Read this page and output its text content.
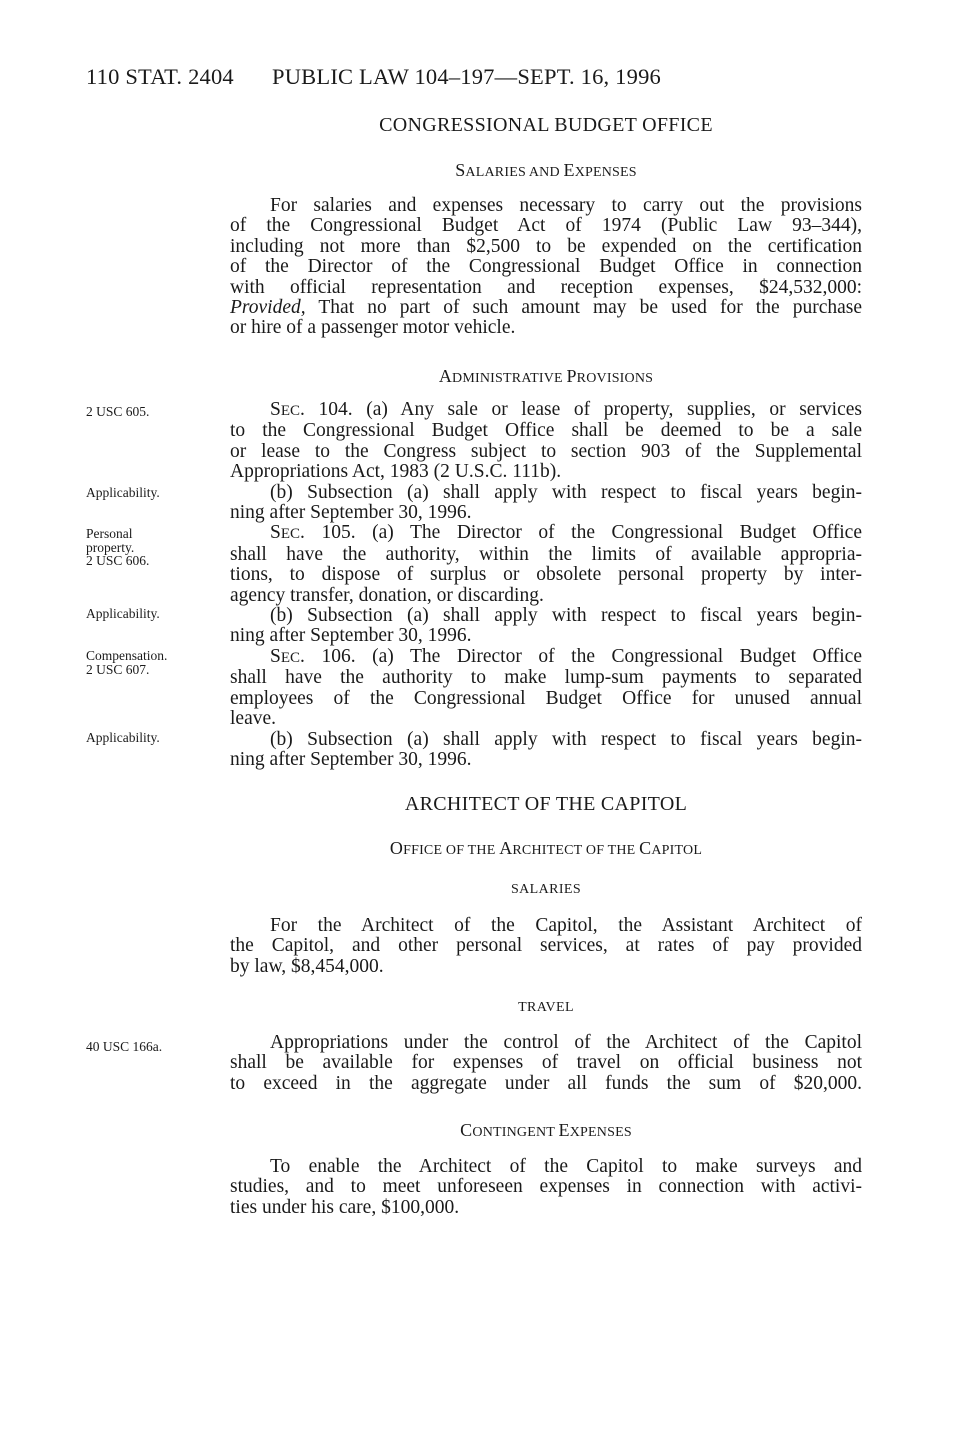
110 STAT. 2404 PUBLIC LAW 104–197—SEPT. 16, 1996
CONGRESSIONAL BUDGET OFFICE
SALARIES AND EXPENSES
For salaries and expenses necessary to carry out the provisions
of the Congressional Budget Act of 1974 (Public Law 93–344),
including not more than $2,500 to be expended on the certification
of the Director of the Congressional Budget Office in connection
with official representation and reception expenses, $24,532,000:
Provided, That no part of such amount may be used for the purchase
or hire of a passenger motor vehicle.
ADMINISTRATIVE PROVISIONS
2 USC 605.
Applicability.
Personal
property.
2 USC 606.
Applicability.
Compensation.
2 USC 607.
Applicability.
40 USC 166a.
SEC. 104. (a) Any sale or lease of property, supplies, or services
to the Congressional Budget Office shall be deemed to be a sale
or lease to the Congress subject to section 903 of the Supplemental
Appropriations Act, 1983 (2 U.S.C. 111b).
(b) Subsection (a) shall apply with respect to fiscal years begin-
ning after September 30, 1996.
SEC. 105. (a) The Director of the Congressional Budget Office
shall have the authority, within the limits of available appropria-
tions, to dispose of surplus or obsolete personal property by inter-
agency transfer, donation, or discarding.
(b) Subsection (a) shall apply with respect to fiscal years begin-
ning after September 30, 1996.
SEC. 106. (a) The Director of the Congressional Budget Office
shall have the authority to make lump-sum payments to separated
employees of the Congressional Budget Office for unused annual
leave.
(b) Subsection (a) shall apply with respect to fiscal years begin-
ning after September 30, 1996.
ARCHITECT OF THE CAPITOL
OFFICE OF THE ARCHITECT OF THE CAPITOL
SALARIES
For the Architect of the Capitol, the Assistant Architect of
the Capitol, and other personal services, at rates of pay provided
by law, $8,454,000.
TRAVEL
Appropriations under the control of the Architect of the Capitol
shall be available for expenses of travel on official business not
to exceed in the aggregate under all funds the sum of $20,000.
CONTINGENT EXPENSES
To enable the Architect of the Capitol to make surveys and
studies, and to meet unforeseen expenses in connection with activi-
ties under his care, $100,000.
